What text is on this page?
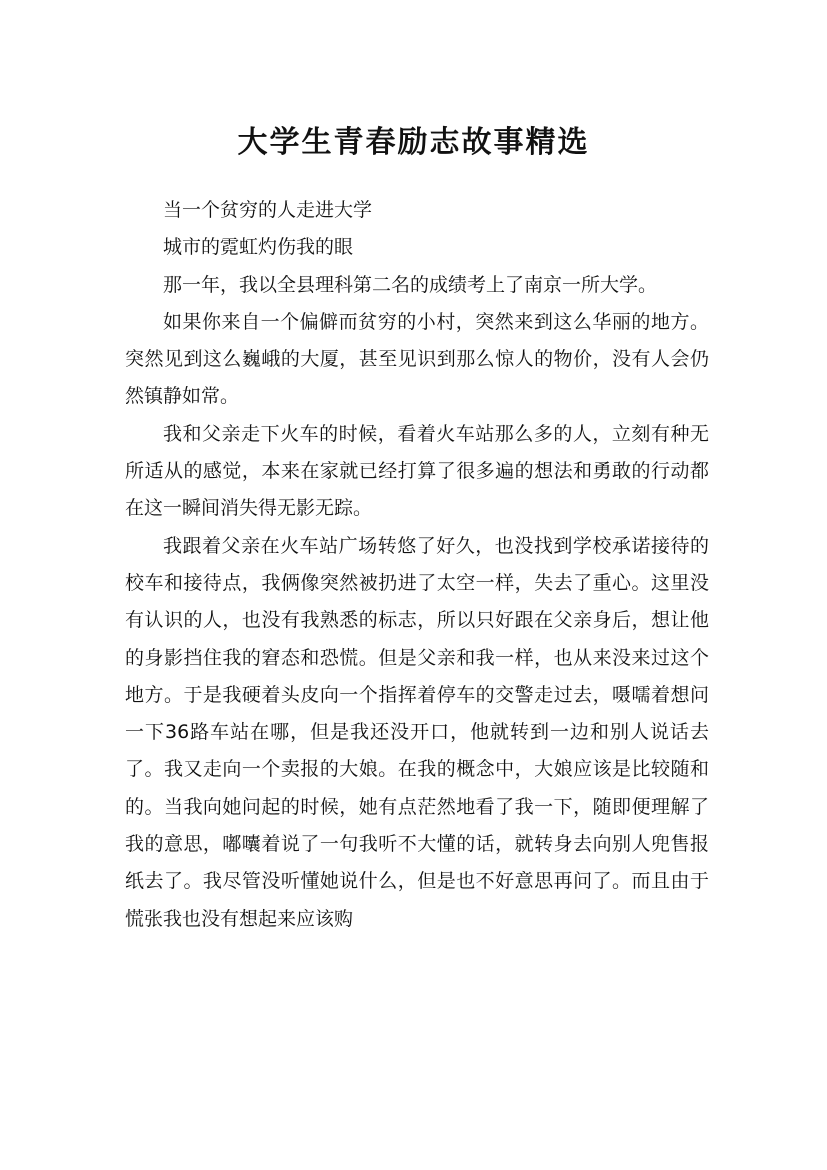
大学生青春励志故事精选

当一个贫穷的人走进大学

城市的霓虹灼伤我的眼

那一年，我以全县理科第二名的成绩考上了南京一所大学。

如果你来自一个偏僻而贫穷的小村，突然来到这么华丽的地方。突然见到这么巍峨的大厦，甚至见识到那么惊人的物价，没有人会仍然镇静如常。

我和父亲走下火车的时候，看着火车站那么多的人，立刻有种无所适从的感觉，本来在家就已经打算了很多遍的想法和勇敢的行动都在这一瞬间消失得无影无踪。

我跟着父亲在火车站广场转悠了好久，也没找到学校承诺接待的校车和接待点，我俩像突然被扔进了太空一样，失去了重心。这里没有认识的人，也没有我熟悉的标志，所以只好跟在父亲身后，想让他的身影挡住我的窘态和恐慌。但是父亲和我一样，也从来没来过这个地方。于是我硬着头皮向一个指挥着停车的交警走过去，嗫嚅着想问一下36路车站在哪，但是我还没开口，他就转到一边和别人说话去了。我又走向一个卖报的大娘。在我的概念中，大娘应该是比较随和的。当我向她问起的时候，她有点茫然地看了我一下，随即便理解了我的意思，嘟囔着说了一句我听不大懂的话，就转身去向别人兜售报纸去了。我尽管没听懂她说什么，但是也不好意思再问了。而且由于慌张我也没有想起来应该购
